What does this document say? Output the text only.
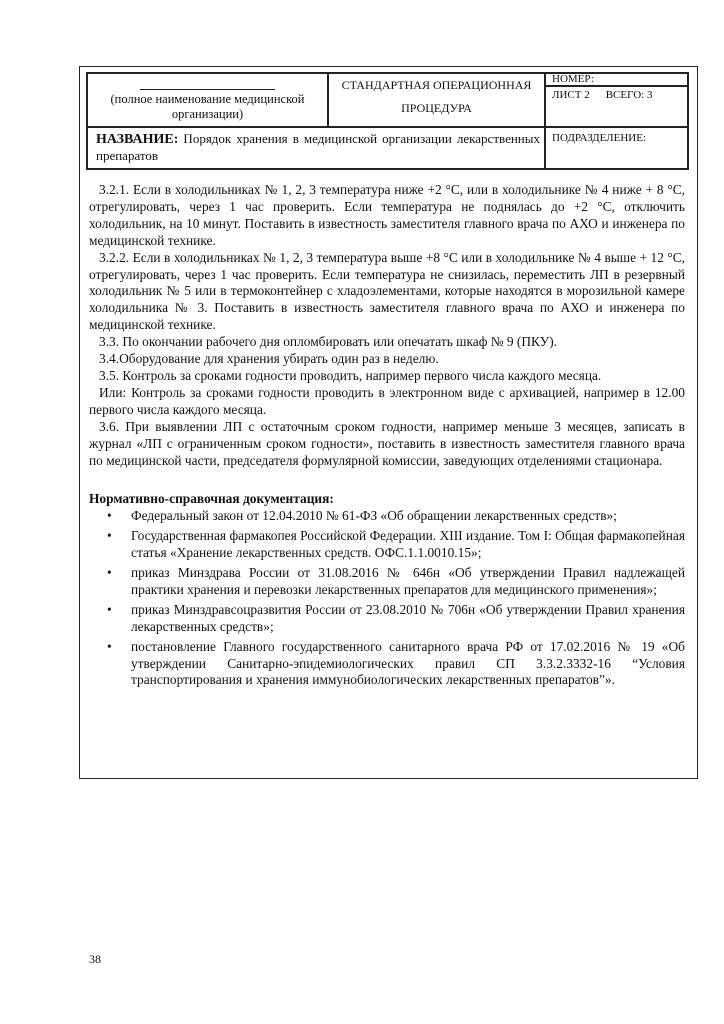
(полное наименование медицинской организации)
СТАНДАРТНАЯ ОПЕРАЦИОННАЯ
ПРОЦЕДУРА
НОМЕР:
ЛИСТ 2 ВСЕГО: 3
НАЗВАНИЕ: Порядок хранения в медицинской организации лекарственных препаратов
ПОДРАЗДЕЛЕНИЕ:

3.2.1. Если в холодильниках № 1, 2, 3 температура ниже +2 °С, или в холодильнике № 4 ниже + 8 °С, отрегулировать, через 1 час проверить. Если температура не поднялась до +2 °С, отключить холодильник, на 10 минут. Поставить в известность заместителя главного врача по АХО и инженера по медицинской технике.

3.2.2. Если в холодильниках № 1, 2, 3 температура выше +8 °С или в холодильнике № 4 выше + 12 °С, отрегулировать, через 1 час проверить. Если температура не снизилась, переместить ЛП в резервный холодильник № 5 или в термоконтейнер с хладоэлементами, которые находятся в морозильной камере холодильника № 3. Поставить в известность заместителя главного врача по АХО и инженера по медицинской технике.

3.3. По окончании рабочего дня опломбировать или опечатать шкаф № 9 (ПКУ).

3.4.Оборудование для хранения убирать один раз в неделю.

3.5. Контроль за сроками годности проводить, например первого числа каждого месяца.

Или: Контроль за сроками годности проводить в электронном виде с архивацией, например в 12.00 первого числа каждого месяца.

3.6. При выявлении ЛП с остаточным сроком годности, например меньше 3 месяцев, записать в журнал «ЛП с ограниченным сроком годности», поставить в известность заместителя главного врача по медицинской части, председателя формулярной комиссии, заведующих отделениями стационара.

Нормативно-справочная документация:
• Федеральный закон от 12.04.2010 № 61-ФЗ «Об обращении лекарственных средств»;
• Государственная фармакопея Российской Федерации. XIII издание. Том I: Общая фармакопейная статья «Хранение лекарственных средств. ОФС.1.1.0010.15»;
• приказ Минздрава России от 31.08.2016 № 646н «Об утверждении Правил надлежащей практики хранения и перевозки лекарственных препаратов для медицинского применения»;
• приказ Минздравсоцразвития России от 23.08.2010 № 706н «Об утверждении Правил хранения лекарственных средств»;
• постановление Главного государственного санитарного врача РФ от 17.02.2016 № 19 «Об утверждении Санитарно-эпидемиологических правил СП 3.3.2.3332-16 “Условия транспортирования и хранения иммунобиологических лекарственных препаратов”».
38
